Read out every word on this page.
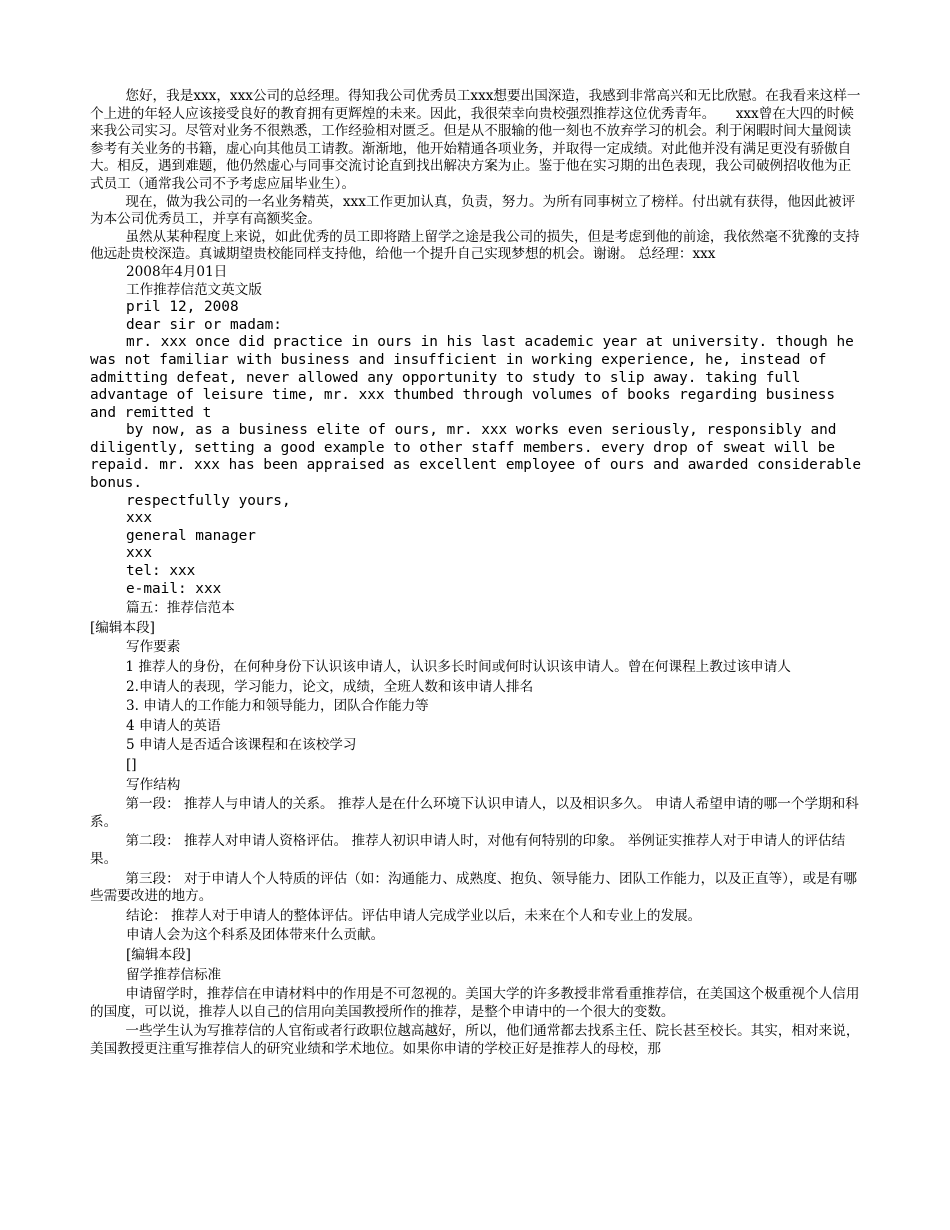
您好，我是xxx，xxx公司的总经理。得知我公司优秀员工xxx想要出国深造，我感到非常高兴和无比欣慰。在我看来这样一个上进的年轻人应该接受良好的教育拥有更辉煌的未来。因此，我很荣幸向贵校强烈推荐这位优秀青年。　　xxx曾在大四的时候来我公司实习。尽管对业务不很熟悉，工作经验相对匮乏。但是从不服输的他一刻也不放弃学习的机会。利于闲暇时间大量阅读参考有关业务的书籍，虚心向其他员工请教。渐渐地，他开始精通各项业务，并取得一定成绩。对此他并没有满足更没有骄傲自大。相反，遇到难题，他仍然虚心与同事交流讨论直到找出解决方案为止。鉴于他在实习期的出色表现，我公司破例招收他为正式员工（通常我公司不予考虑应届毕业生）。

现在，做为我公司的一名业务精英，xxx工作更加认真，负责，努力。为所有同事树立了榜样。付出就有获得，他因此被评为本公司优秀员工，并享有高额奖金。

虽然从某种程度上来说，如此优秀的员工即将踏上留学之途是我公司的损失，但是考虑到他的前途，我依然毫不犹豫的支持他远赴贵校深造。真诚期望贵校能同样支持他，给他一个提升自己实现梦想的机会。谢谢。 总经理：xxx

2008年4月01日

工作推荐信范文英文版

pril 12, 2008

dear sir or madam:

mr. xxx once did practice in ours in his last academic year at university. though he was not familiar with business and insufficient in working experience, he, instead of admitting defeat, never allowed any opportunity to study to slip away. taking full advantage of leisure time, mr. xxx thumbed through volumes of books regarding business and remitted t

by now, as a business elite of ours, mr. xxx works even seriously, responsibly and diligently, setting a good example to other staff members. every drop of sweat will be repaid. mr. xxx has been appraised as excellent employee of ours and awarded considerable bonus.

respectfully yours,

xxx

general manager

xxx

tel: xxx

e-mail: xxx

篇五：推荐信范本

[编辑本段]

写作要素

1 推荐人的身份，在何种身份下认识该申请人，认识多长时间或何时认识该申请人。曾在何课程上教过该申请人

2.申请人的表现，学习能力，论文，成绩，全班人数和该申请人排名

3. 申请人的工作能力和领导能力，团队合作能力等

4 申请人的英语

5 申请人是否适合该课程和在该校学习

[]

写作结构

第一段： 推荐人与申请人的关系。 推荐人是在什么环境下认识申请人，以及相识多久。 申请人希望申请的哪一个学期和科系。

第二段： 推荐人对申请人资格评估。 推荐人初识申请人时，对他有何特别的印象。 举例证实推荐人对于申请人的评估结果。

第三段： 对于申请人个人特质的评估（如：沟通能力、成熟度、抱负、领导能力、团队工作能力，以及正直等），或是有哪些需要改进的地方。

结论： 推荐人对于申请人的整体评估。评估申请人完成学业以后，未来在个人和专业上的发展。

申请人会为这个科系及团体带来什么贡献。

[编辑本段]

留学推荐信标准

申请留学时，推荐信在申请材料中的作用是不可忽视的。美国大学的许多教授非常看重推荐信，在美国这个极重视个人信用的国度，可以说，推荐人以自己的信用向美国教授所作的推荐，是整个申请中的一个很大的变数。

一些学生认为写推荐信的人官衔或者行政职位越高越好，所以，他们通常都去找系主任、院长甚至校长。其实，相对来说，美国教授更注重写推荐信人的研究业绩和学术地位。如果你申请的学校正好是推荐人的母校，那
